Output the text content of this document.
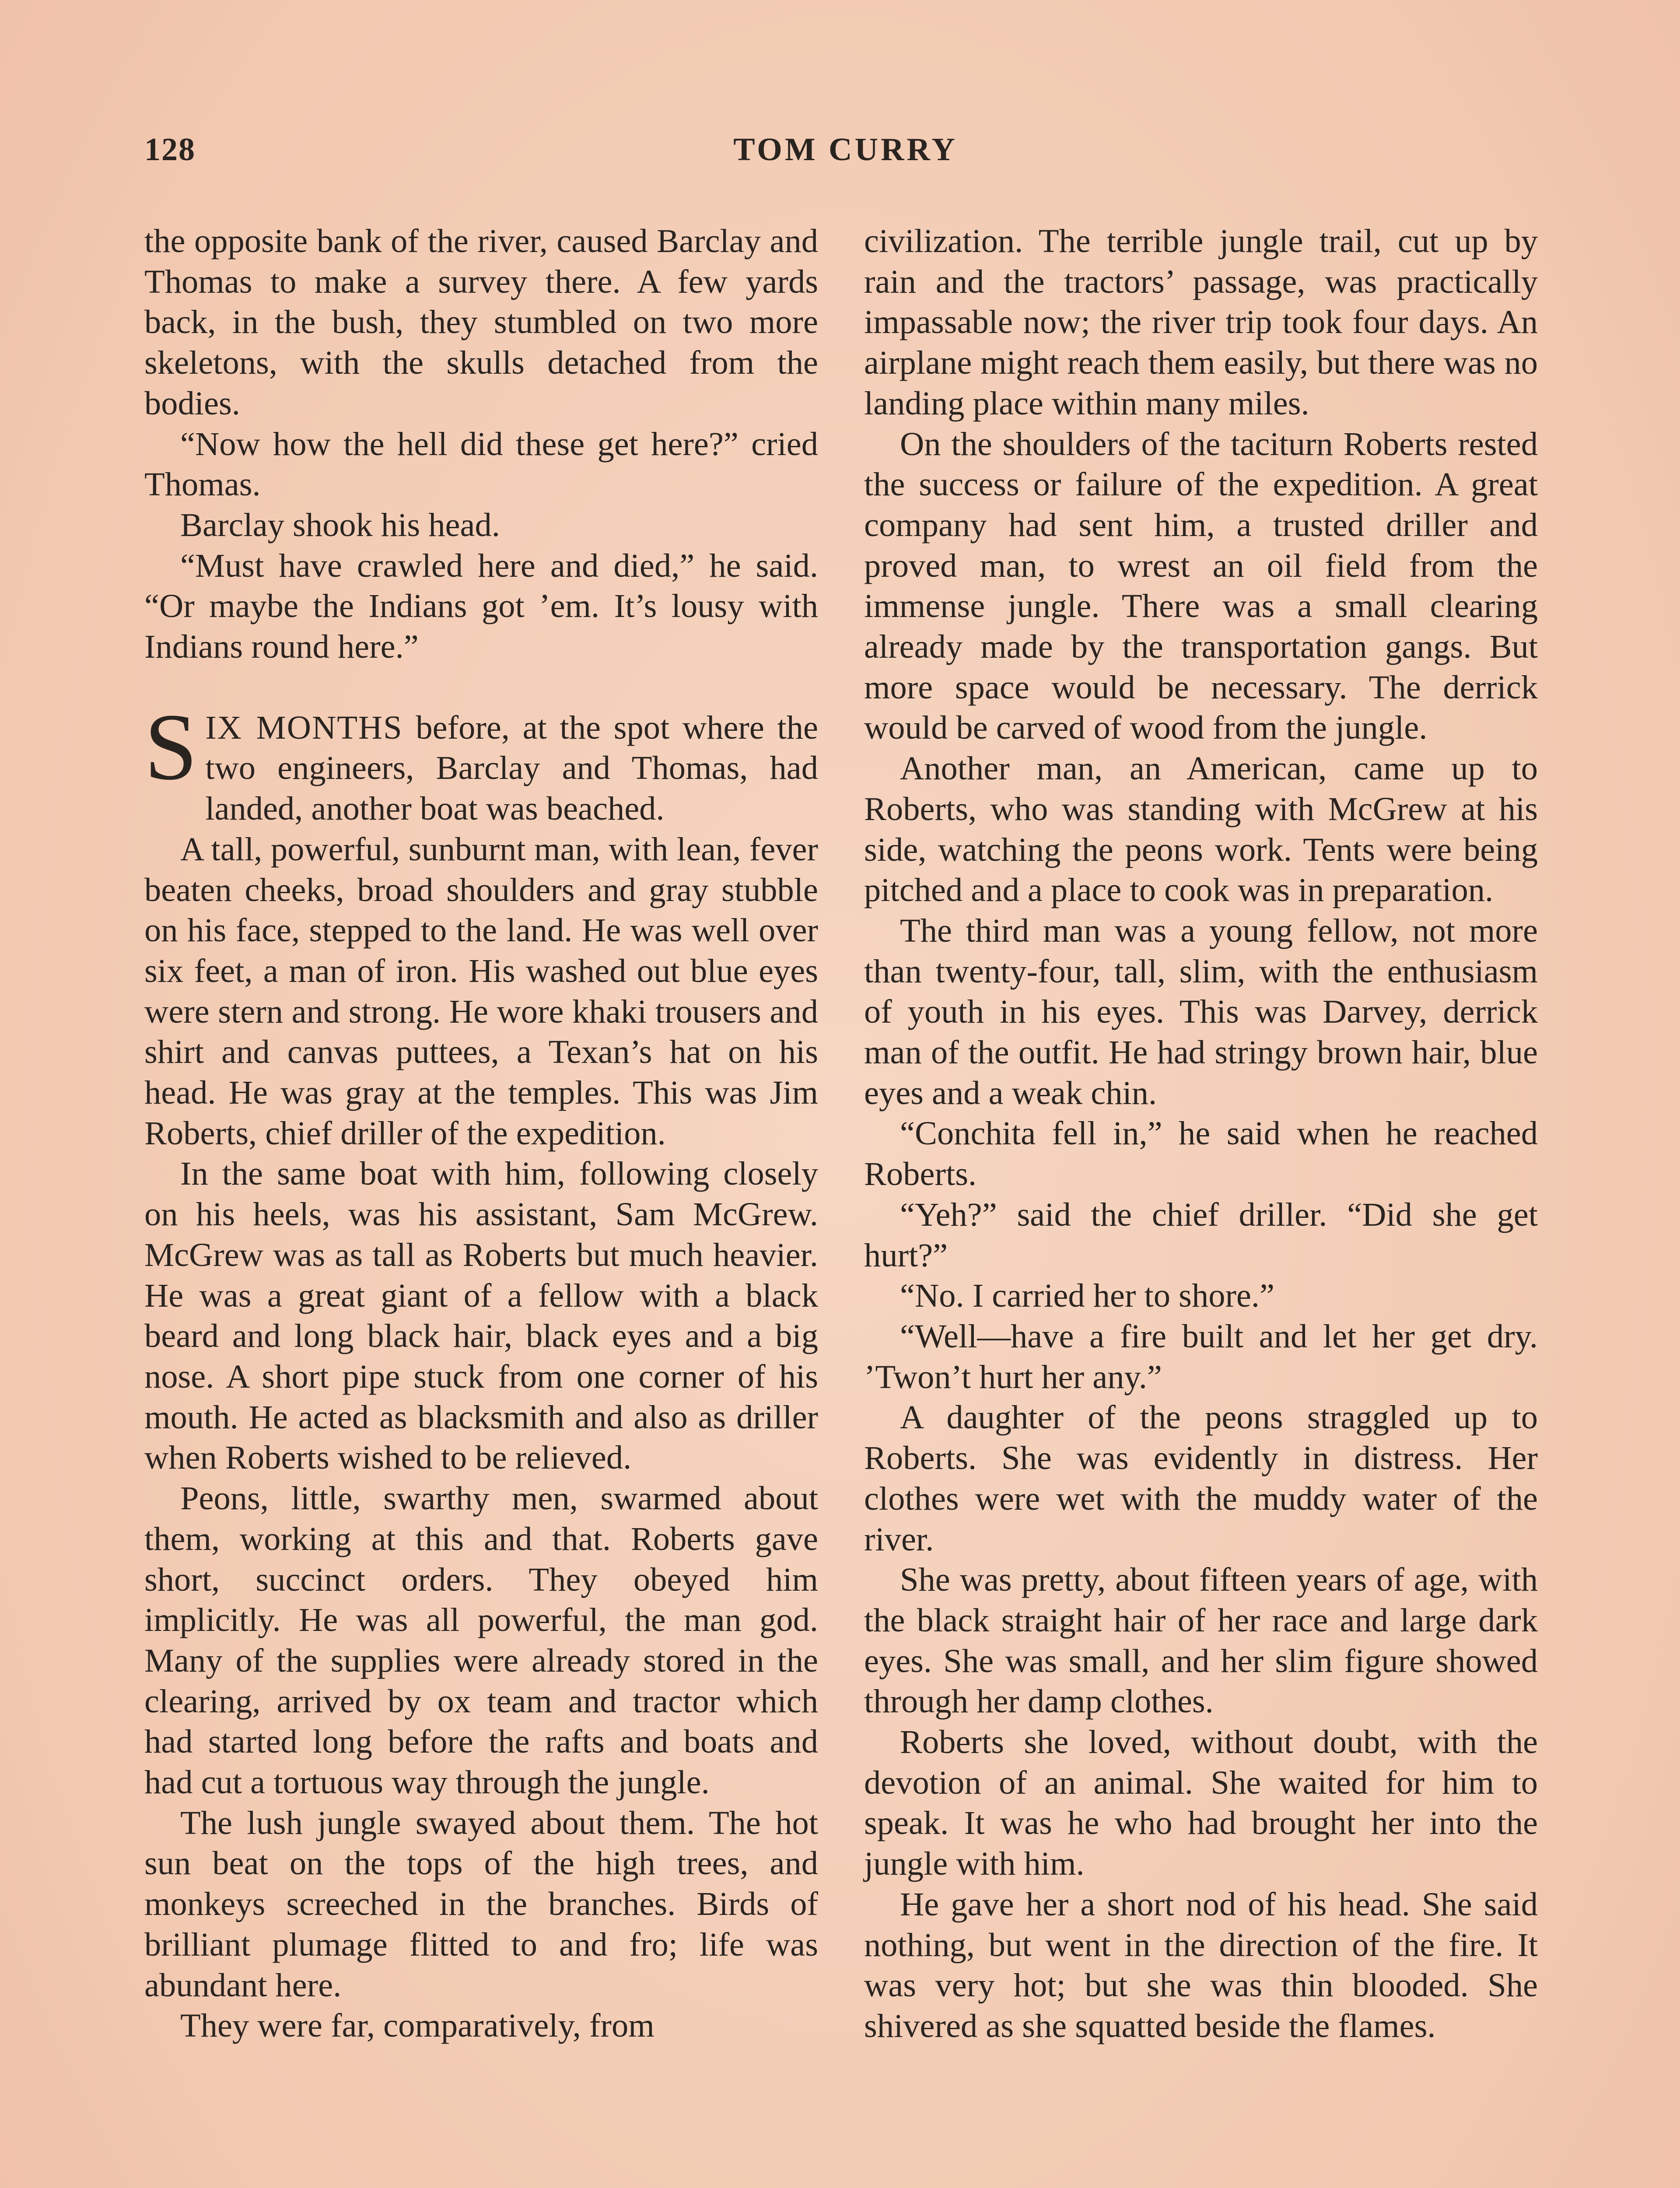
128	TOM CURRY

the opposite bank of the river, caused Barclay and Thomas to make a survey there. A few yards back, in the bush, they stumbled on two more skeletons, with the skulls detached from the bodies.

“Now how the hell did these get here?” cried Thomas.

Barclay shook his head.

“Must have crawled here and died,” he said. “Or maybe the Indians got ’em. It’s lousy with Indians round here.”

SIX MONTHS before, at the spot where the two engineers, Barclay and Thomas, had landed, another boat was beached.

A tall, powerful, sunburnt man, with lean, fever beaten cheeks, broad shoulders and gray stubble on his face, stepped to the land. He was well over six feet, a man of iron. His washed out blue eyes were stern and strong. He wore khaki trousers and shirt and canvas puttees, a Texan’s hat on his head. He was gray at the temples. This was Jim Roberts, chief driller of the expedition.

In the same boat with him, following closely on his heels, was his assistant, Sam McGrew. McGrew was as tall as Roberts but much heavier. He was a great giant of a fellow with a black beard and long black hair, black eyes and a big nose. A short pipe stuck from one corner of his mouth. He acted as blacksmith and also as driller when Roberts wished to be relieved.

Peons, little, swarthy men, swarmed about them, working at this and that. Roberts gave short, succinct orders. They obeyed him implicitly. He was all powerful, the man god. Many of the supplies were already stored in the clearing, arrived by ox team and tractor which had started long before the rafts and boats and had cut a tortuous way through the jungle.

The lush jungle swayed about them. The hot sun beat on the tops of the high trees, and monkeys screeched in the branches. Birds of brilliant plumage flitted to and fro; life was abundant here.

They were far, comparatively, from

civilization. The terrible jungle trail, cut up by rain and the tractors’ passage, was practically impassable now; the river trip took four days. An airplane might reach them easily, but there was no landing place within many miles.

On the shoulders of the taciturn Roberts rested the success or failure of the expedition. A great company had sent him, a trusted driller and proved man, to wrest an oil field from the immense jungle. There was a small clearing already made by the transportation gangs. But more space would be necessary. The derrick would be carved of wood from the jungle.

Another man, an American, came up to Roberts, who was standing with McGrew at his side, watching the peons work. Tents were being pitched and a place to cook was in preparation.

The third man was a young fellow, not more than twenty-four, tall, slim, with the enthusiasm of youth in his eyes. This was Darvey, derrick man of the outfit. He had stringy brown hair, blue eyes and a weak chin.

“Conchita fell in,” he said when he reached Roberts.

“Yeh?” said the chief driller. “Did she get hurt?”

“No. I carried her to shore.”

“Well—have a fire built and let her get dry. ’Twon’t hurt her any.”

A daughter of the peons straggled up to Roberts. She was evidently in distress. Her clothes were wet with the muddy water of the river.

She was pretty, about fifteen years of age, with the black straight hair of her race and large dark eyes. She was small, and her slim figure showed through her damp clothes.

Roberts she loved, without doubt, with the devotion of an animal. She waited for him to speak. It was he who had brought her into the jungle with him.

He gave her a short nod of his head. She said nothing, but went in the direction of the fire. It was very hot; but she was thin blooded. She shivered as she squatted beside the flames.
